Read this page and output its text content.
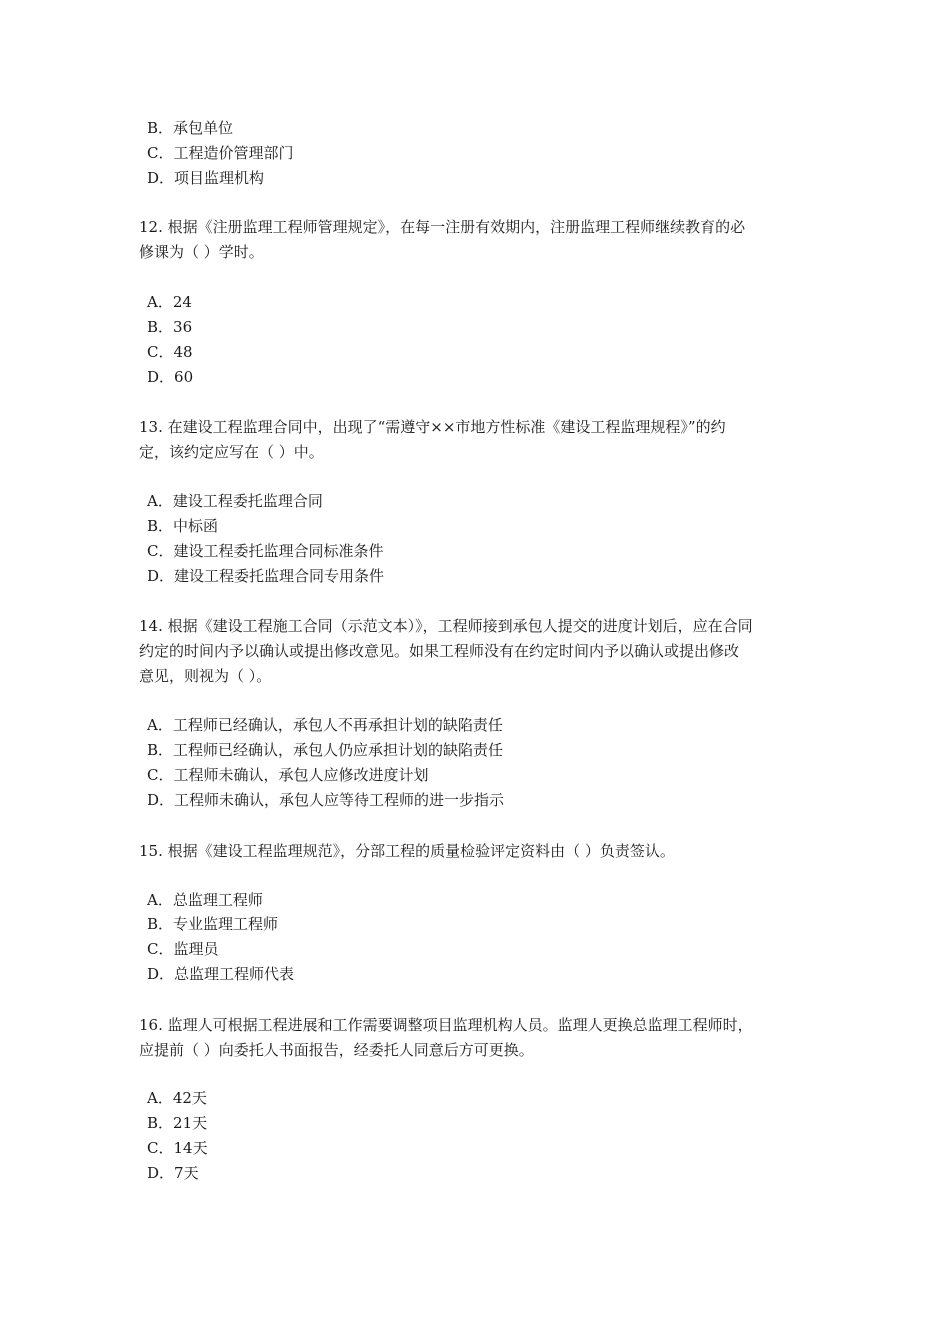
B．承包单位
C．工程造价管理部门
D．项目监理机构
12. 根据《注册监理工程师管理规定》，在每一注册有效期内，注册监理工程师继续教育的必
修课为（ ）学时。
A．24
B．36
C．48
D．60
13. 在建设工程监理合同中，出现了“需遵守××市地方性标准《建设工程监理规程》”的约
定，该约定应写在（ ）中。
A．建设工程委托监理合同
B．中标函
C．建设工程委托监理合同标准条件
D．建设工程委托监理合同专用条件
14. 根据《建设工程施工合同（示范文本）》，工程师接到承包人提交的进度计划后，应在合同
约定的时间内予以确认或提出修改意见。如果工程师没有在约定时间内予以确认或提出修改
意见，则视为（ ）。
A．工程师已经确认，承包人不再承担计划的缺陷责任
B．工程师已经确认，承包人仍应承担计划的缺陷责任
C．工程师未确认，承包人应修改进度计划
D．工程师未确认，承包人应等待工程师的进一步指示
15. 根据《建设工程监理规范》，分部工程的质量检验评定资料由（ ）负责签认。
A．总监理工程师
B．专业监理工程师
C．监理员
D．总监理工程师代表
16. 监理人可根据工程进展和工作需要调整项目监理机构人员。监理人更换总监理工程师时，
应提前（ ）向委托人书面报告，经委托人同意后方可更换。
A．42天
B．21天
C．14天
D．7天
